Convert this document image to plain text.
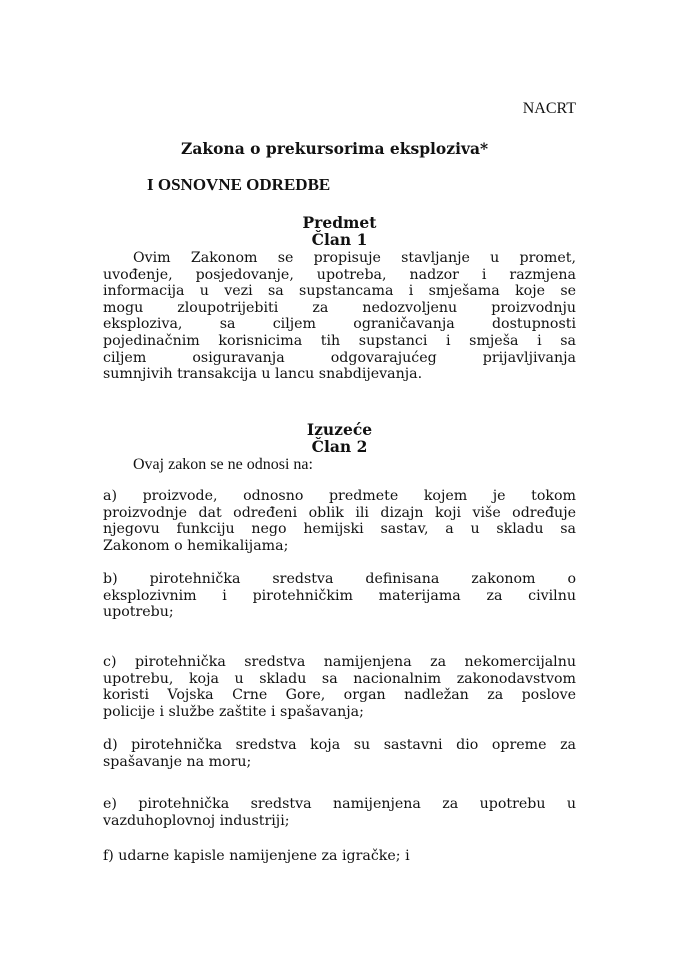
NACRT
Zakona o prekursorima eksploziva*
I OSNOVNE ODREDBE
Predmet
Član 1
Ovim Zakonom se propisuje stavljanje u promet,
uvođenje, posjedovanje, upotreba, nadzor i razmjena
informacija u vezi sa supstancama i smješama koje se
mogu zloupotrijebiti za nedozvoljenu proizvodnju
eksploziva, sa ciljem ograničavanja dostupnosti
pojedinačnim korisnicima tih supstanci i smješa i sa
ciljem osiguravanja odgovarajućeg prijavljivanja
sumnjivih transakcija u lancu snabdijevanja.
Izuzeće
Član 2
Ovaj zakon se ne odnosi na:
a) proizvode, odnosno predmete kojem je tokom
proizvodnje dat određeni oblik ili dizajn koji više određuje
njegovu funkciju nego hemijski sastav, a u skladu sa
Zakonom o hemikalijama;
b) pirotehnička sredstva definisana zakonom o
eksplozivnim i pirotehničkim materijama za civilnu
upotrebu;
c) pirotehnička sredstva namijenjena za nekomercijalnu
upotrebu, koja u skladu sa nacionalnim zakonodavstvom
koristi Vojska Crne Gore, organ nadležan za poslove
policije i službe zaštite i spašavanja;
d) pirotehnička sredstva koja su sastavni dio opreme za
spašavanje na moru;
e) pirotehnička sredstva namijenjena za upotrebu u
vazduhoplovnoj industriji;
f) udarne kapisle namijenjene za igračke; i
